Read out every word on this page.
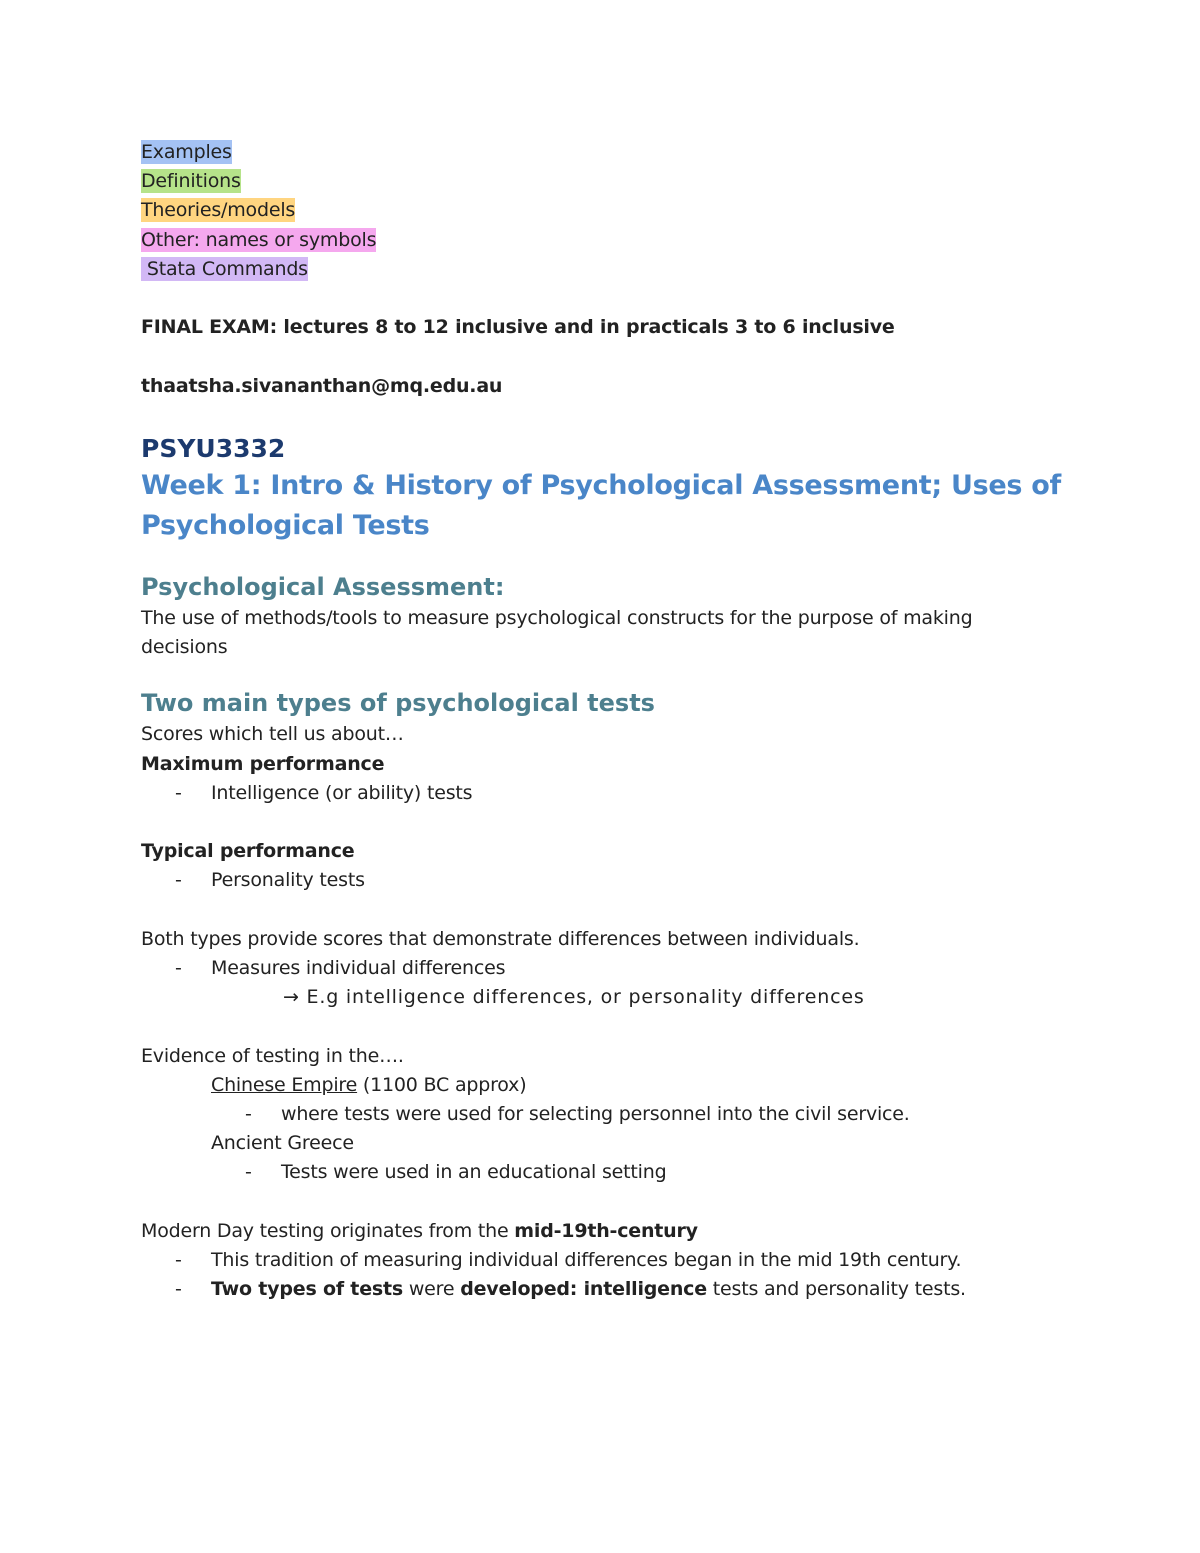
Examples
Definitions
Theories/models
Other: names or symbols
Stata Commands
FINAL EXAM: lectures 8 to 12 inclusive and in practicals 3 to 6 inclusive
thaatsha.sivananthan@mq.edu.au
PSYU3332
Week 1: Intro & History of Psychological Assessment; Uses of Psychological Tests
Psychological Assessment:
The use of methods/tools to measure psychological constructs for the purpose of making decisions
Two main types of psychological tests
Scores which tell us about…
Maximum performance
- Intelligence (or ability) tests
Typical performance
- Personality tests
Both types provide scores that demonstrate differences between individuals.
- Measures individual differences
→ E.g intelligence differences, or personality differences
Evidence of testing in the….
Chinese Empire (1100 BC approx)
- where tests were used for selecting personnel into the civil service.
Ancient Greece
- Tests were used in an educational setting
Modern Day testing originates from the mid-19th-century
- This tradition of measuring individual differences began in the mid 19th century.
- Two types of tests were developed: intelligence tests and personality tests.
